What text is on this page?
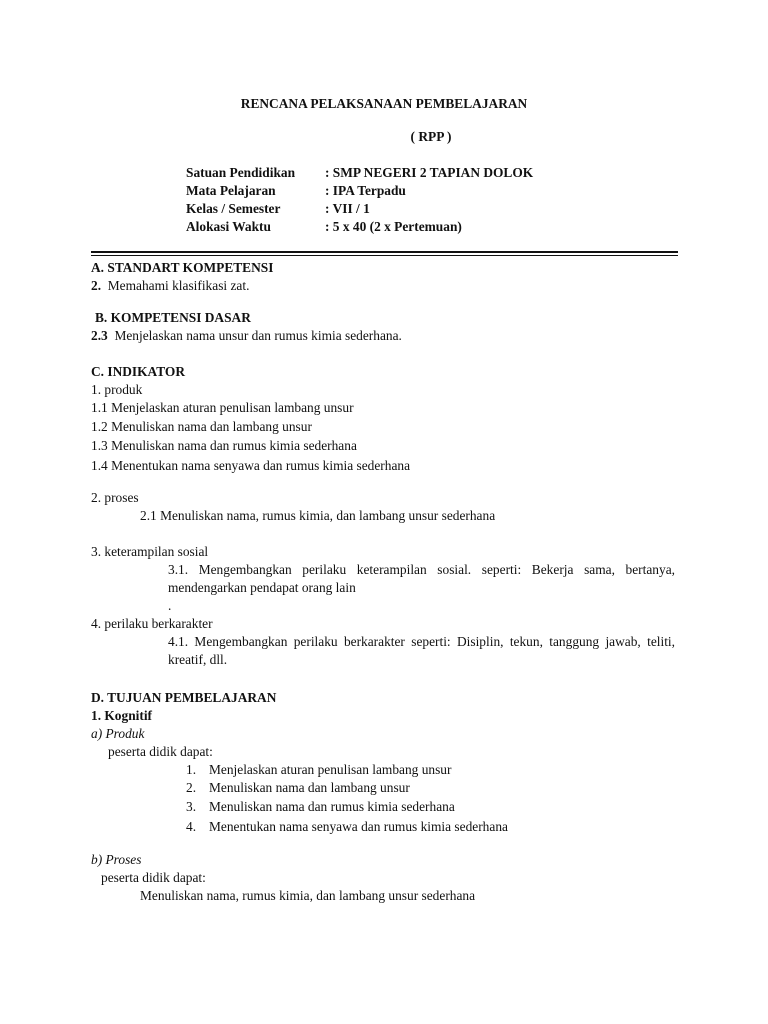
RENCANA PELAKSANAAN PEMBELAJARAN
( RPP )
Satuan Pendidikan : SMP NEGERI 2 TAPIAN DOLOK
Mata Pelajaran	: IPA Terpadu
Kelas / Semester	: VII / 1
Alokasi Waktu	: 5 x 40 (2 x Pertemuan)
A. STANDART KOMPETENSI
2. Memahami klasifikasi zat.
B. KOMPETENSI DASAR
2.3 Menjelaskan nama unsur dan rumus kimia sederhana.
C. INDIKATOR
1. produk
1.1 Menjelaskan aturan penulisan lambang unsur
1.2 Menuliskan nama dan lambang unsur
1.3 Menuliskan nama dan rumus kimia sederhana
1.4 Menentukan nama senyawa dan rumus kimia sederhana
2. proses
2.1 Menuliskan nama, rumus kimia, dan lambang unsur sederhana
3. keterampilan sosial
3.1. Mengembangkan perilaku keterampilan sosial. seperti: Bekerja sama, bertanya, mendengarkan pendapat orang lain
.
4. perilaku berkarakter
4.1. Mengembangkan perilaku berkarakter seperti: Disiplin, tekun, tanggung jawab, teliti, kreatif, dll.
D. TUJUAN PEMBELAJARAN
1. Kognitif
a) Produk
peserta didik dapat:
1. Menjelaskan aturan penulisan lambang unsur
2. Menuliskan nama dan lambang unsur
3. Menuliskan nama dan rumus kimia sederhana
4. Menentukan nama senyawa dan rumus kimia sederhana
b) Proses
peserta didik dapat:
Menuliskan nama, rumus kimia, dan lambang unsur sederhana
